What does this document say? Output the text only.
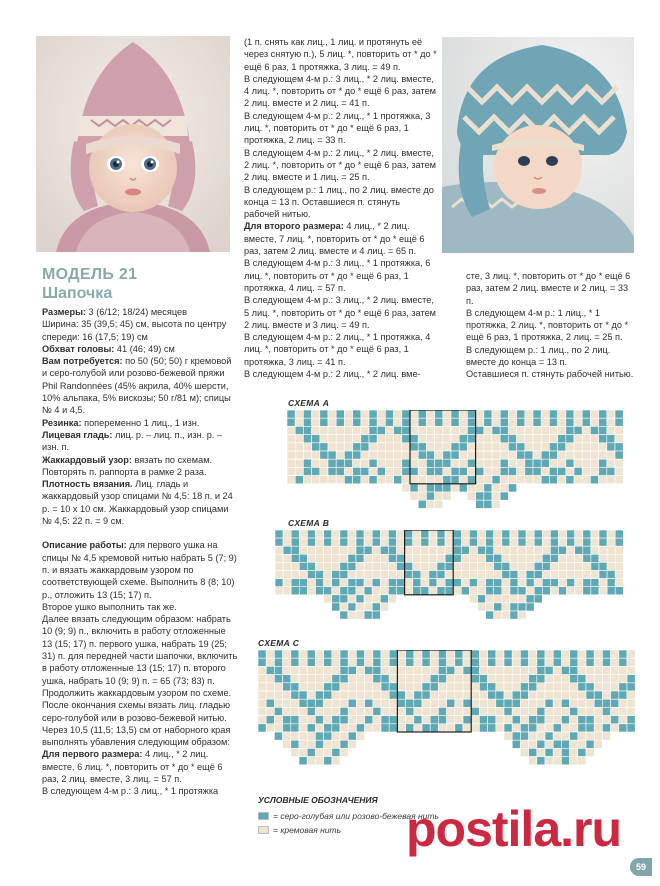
МОДЕЛЬ 21
Шапочка

Размеры: 3 (6/12; 18/24) месяцев

Ширина: 35 (39,5; 45) см, высота по центру спереди: 16 (17,5; 19) см

Обхват головы: 41 (46; 49) см

Вам потребуется: по 50 (50; 50) г кремовой и серо-голубой или розово-бежевой пряжи Phil Randonnées (45% акрила, 40% шерсти, 10% альпака, 5% вискозы; 50 г/81 м); спицы № 4 и 4,5.

Резинка: попеременно 1 лиц., 1 изн.

Лицевая гладь: лиц. р. – лиц. п., изн. р. – изн. п.

Жаккардовый узор: вязать по схемам. Повторять п. раппорта в рамке 2 раза.

Плотность вязания. Лиц. гладь и жаккардовый узор спицами № 4,5: 18 п. и 24 р. = 10 х 10 см. Жаккардовый узор спицами № 4,5: 22 п. = 9 см.

Описание работы: для первого ушка на спицы № 4,5 кремовой нитью набрать 5 (7; 9) п. и вязать жаккардовым узором по соответствующей схеме. Выполнить 8 (8; 10) р., отложить 13 (15; 17) п.

Второе ушко выполнить так же.

Далее вязать следующим образом: набрать 10 (9; 9) п., включить в работу отложенные 13 (15; 17) п. первого ушка, набрать 19 (25; 31) п. для передней части шапочки, включить в работу отложенные 13 (15; 17) п. второго ушка, набрать 10 (9; 9) п. = 65 (73; 83) п. Продолжить жаккардовым узором по схеме.

После окончания схемы вязать лиц. гладью серо-голубой или в розово-бежевой нитью.

Через 10,5 (11,5; 13,5) см от наборного края выполнять убавления следующим образом:

Для первого размера: 4 лиц., * 2 лиц. вместе, 6 лиц. *, повторить от * до * ещё 6 раз, 2 лиц. вместе, 3 лиц. = 57 п.

В следующем 4-м р.: 3 лиц., * 1 протяжка

(1 п. снять как лиц., 1 лиц. и протянуть её через снятую п.), 5 лиц. *, повторить от * до * ещё 6 раз, 1 протяжка, 3 лиц. = 49 п.

В следующем 4-м р.: 3 лиц., * 2 лиц. вместе, 4 лиц. *, повторить от * до * ещё 6 раз, затем 2 лиц. вместе и 2 лиц. = 41 п.

В следующем 4-м р.: 2 лиц., * 1 протяжка, 3 лиц. *, повторить от * до * ещё 6 раз, 1 протяжка, 2 лиц. = 33 п.

В следующем 4-м р.: 2 лиц., * 2 лиц. вместе, 2 лиц. *, повторить от * до * ещё 6 раз, затем 2 лиц. вместе и 1 лиц. = 25 п.

В следующем р.: 1 лиц., по 2 лиц. вместе до конца = 13 п. Оставшиеся п. стянуть рабочей нитью.

Для второго размера: 4 лиц., * 2 лиц. вместе, 7 лиц. *, повторить от * до * ещё 6 раз, затем 2 лиц. вместе и 4 лиц. = 65 п.

В следующем 4-м р.: 3 лиц., * 1 протяжка, 6 лиц. *, повторить от * до * ещё 6 раз, 1 протяжка, 4 лиц. = 57 п.

В следующем 4-м р.: 3 лиц., * 2 лиц. вместе, 5 лиц. *, повторить от * до * ещё 6 раз, затем 2 лиц. вместе и 3 лиц. = 49 п.

В следующем 4-м р.: 2 лиц., * 1 протяжка, 4 лиц. *, повторить от * до * ещё 6 раз, 1 протяжка, 3 лиц. = 41 п.

В следующем 4-м р.: 2 лиц., * 2 лиц. вме-

сте, 3 лиц. *, повторить от * до * ещё 6 раз, затем 2 лиц. вместе и 2 лиц. = 33 п.

В следующем 4-м р.: 1 лиц., * 1 протяжка, 2 лиц. *, повторить от * до * ещё 6 раз, 1 протяжка, 2 лиц. = 25 п.

В следующем р.: 1 лиц., по 2 лиц. вместе до конца = 13 п.

Оставшиеся п. стянуть рабочей нитью.

СХЕМА А
СХЕМА В
СХЕМА С
УСЛОВНЫЕ ОБОЗНАЧЕНИЯ
= серо-голубая или розово-бежевая нить
= кремовая нить postila.ru
59
